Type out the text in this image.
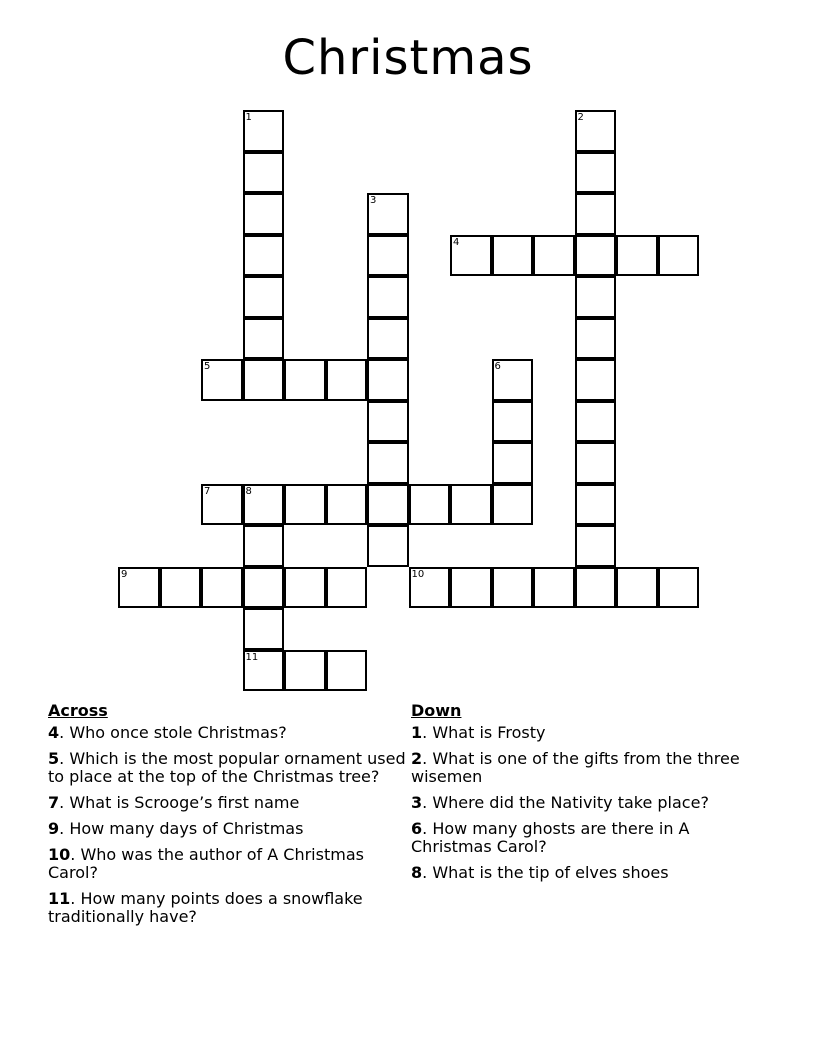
Christmas
1	2
3
4
5	6
7	8
11
9	10
Across
4. Who once stole Christmas?
5. Which is the most popular ornament used to place at the top of the Christmas tree?
7. What is Scrooge’s first name
9. How many days of Christmas
10. Who was the author of A Christmas Carol?
11. How many points does a snowflake traditionally have?
Down
1. What is Frosty
2. What is one of the gifts from the three wisemen
3. Where did the Nativity take place?
6. How many ghosts are there in A Christmas Carol?
8. What is the tip of elves shoes
